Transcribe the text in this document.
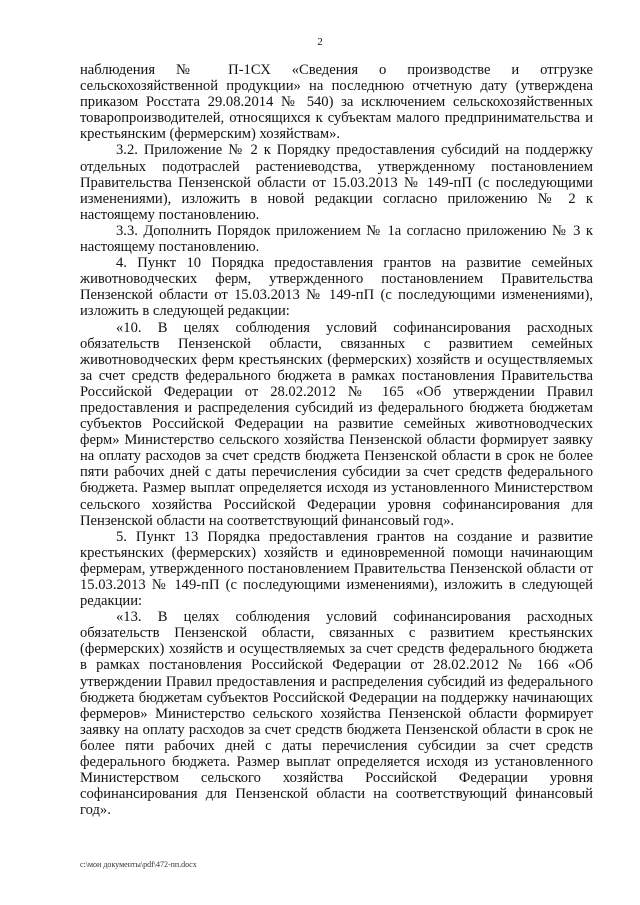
2

наблюдения № П-1СХ «Сведения о производстве и отгрузке сельскохозяйственной продукции» на последнюю отчетную дату (утверждена приказом Росстата 29.08.2014 № 540) за исключением сельскохозяйственных товаропроизводителей, относящихся к субъектам малого предпринимательства и крестьянским (фермерским) хозяйствам».

3.2. Приложение № 2 к Порядку предоставления субсидий на поддержку отдельных подотраслей растениеводства, утвержденному постановлением Правительства Пензенской области от 15.03.2013 № 149-пП (с последующими изменениями), изложить в новой редакции согласно приложению № 2 к настоящему постановлению.

3.3. Дополнить Порядок приложением № 1а согласно приложению № 3 к настоящему постановлению.

4. Пункт 10 Порядка предоставления грантов на развитие семейных животноводческих ферм, утвержденного постановлением Правительства Пензенской области от 15.03.2013 № 149-пП (с последующими изменениями), изложить в следующей редакции:

«10. В целях соблюдения условий софинансирования расходных обязательств Пензенской области, связанных с развитием семейных животноводческих ферм крестьянских (фермерских) хозяйств и осуществляемых за счет средств федерального бюджета в рамках постановления Правительства Российской Федерации от 28.02.2012 № 165 «Об утверждении Правил предоставления и распределения субсидий из федерального бюджета бюджетам субъектов Российской Федерации на развитие семейных животноводческих ферм» Министерство сельского хозяйства Пензенской области формирует заявку на оплату расходов за счет средств бюджета Пензенской области в срок не более пяти рабочих дней с даты перечисления субсидии за счет средств федерального бюджета. Размер выплат определяется исходя из установленного Министерством сельского хозяйства Российской Федерации уровня софинансирования для Пензенской области на соответствующий финансовый год».

5. Пункт 13 Порядка предоставления грантов на создание и развитие крестьянских (фермерских) хозяйств и единовременной помощи начинающим фермерам, утвержденного постановлением Правительства Пензенской области от 15.03.2013 № 149-пП (с последующими изменениями), изложить в следующей редакции:

«13. В целях соблюдения условий софинансирования расходных обязательств Пензенской области, связанных с развитием крестьянских (фермерских) хозяйств и осуществляемых за счет средств федерального бюджета в рамках постановления Российской Федерации от 28.02.2012 № 166 «Об утверждении Правил предоставления и распределения субсидий из федерального бюджета бюджетам субъектов Российской Федерации на поддержку начинающих фермеров» Министерство сельского хозяйства Пензенской области формирует заявку на оплату расходов за счет средств бюджета Пензенской области в срок не более пяти рабочих дней с даты перечисления субсидии за счет средств федерального бюджета. Размер выплат определяется исходя из установленного Министерством сельского хозяйства Российской Федерации уровня софинансирования для Пензенской области на соответствующий финансовый год».

c:\мои документы\pdf\472-пп.docx
